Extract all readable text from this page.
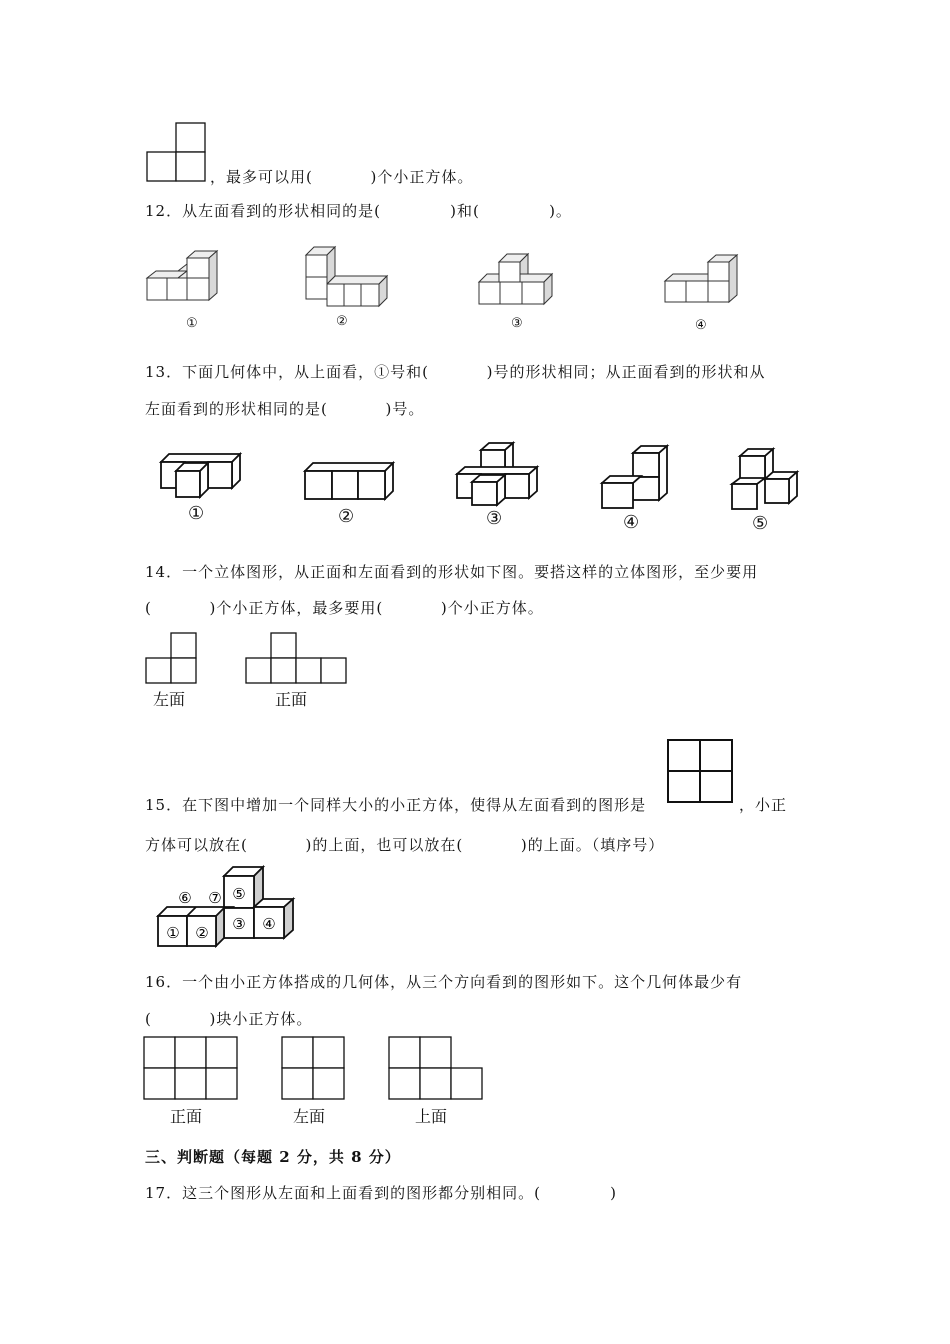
，最多可以用(          )个小正方体。
12．从左面看到的形状相同的是(            )和(            )。
①	②	③	④
13．下面几何体中，从上面看，①号和(          )号的形状相同；从正面看到的形状和从
左面看到的形状相同的是(          )号。
①	②	③	④	⑤
14．一个立体图形，从正面和左面看到的形状如下图。要搭这样的立体图形，至少要用
(          )个小正方体，最多要用(          )个小正方体。
左面	正面
15．在下图中增加一个同样大小的小正方体，使得从左面看到的图形是	，小正
方体可以放在(          )的上面，也可以放在(          )的上面。（填序号）
⑤
⑥ ⑦
① ② ③ ④
16．一个由小正方体搭成的几何体，从三个方向看到的图形如下。这个几何体最少有
(          )块小正方体。
正面	左面	上面
三、判断题（每题 2 分，共 8 分）
17．这三个图形从左面和上面看到的图形都分别相同。(            )
